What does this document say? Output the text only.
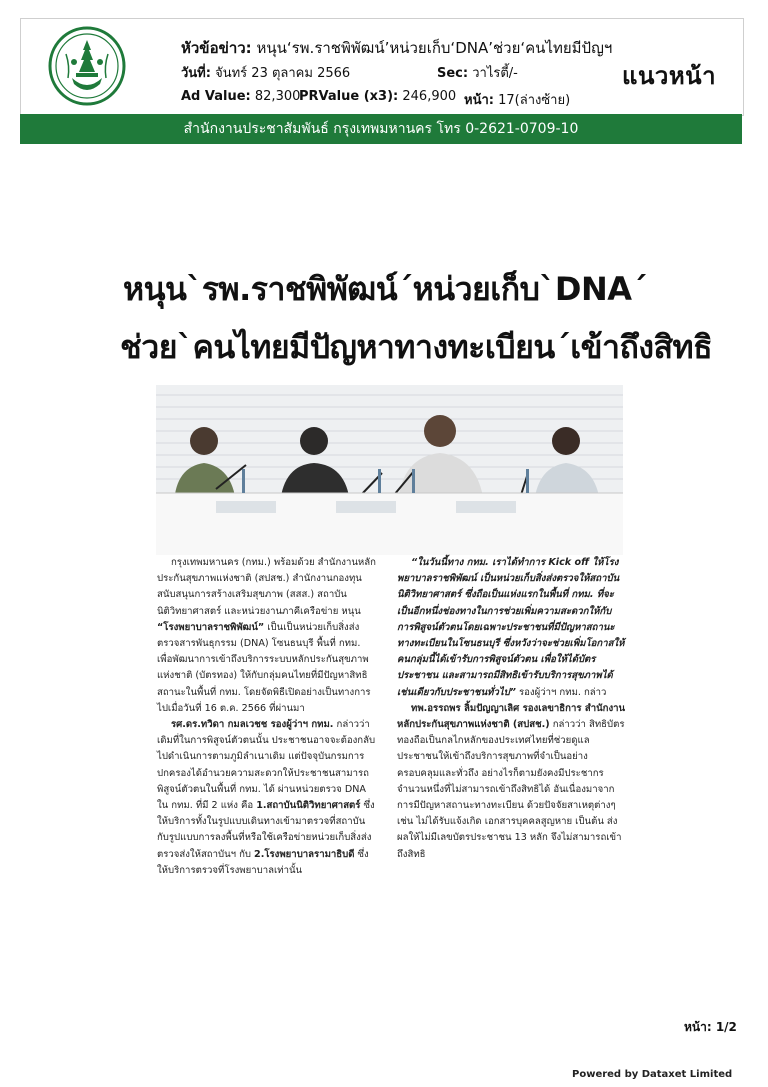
หัวข้อข่าว: หนุน‘รพ.ราชพิพัฒน์’หน่วยเก็บ‘DNA’ช่วย‘คนไทยมีปัญฯ
วันที่: จันทร์ 23 ตุลาคม 2566	Sec: วาไรตี้/-
Ad Value: 82,300
PRValue (x3): 246,900 หน้า: 17(ล่างซ้าย)
แนวหน้า
สำนักงานประชาสัมพันธ์ กรุงเทพมหานคร โทร 0-2621-0709-10
หนุน`รพ.ราชพิพัฒน์´หน่วยเก็บ`DNA´
ช่วย`คนไทยมีปัญหาทางทะเบียน´เข้าถึงสิทธิ

กรุงเทพมหานคร (กทม.) พร้อมด้วย สำนักงานหลักประกันสุขภาพแห่งชาติ (สปสช.) สำนักงานกองทุนสนับสนุนการสร้างเสริมสุขภาพ (สสส.) สถาบันนิติวิทยาศาสตร์ และหน่วยงานภาคีเครือข่าย หนุน “โรงพยาบาลราชพิพัฒน์” เป็นเป็นหน่วยเก็บสิ่งส่งตรวจสารพันธุกรรม (DNA) โซนธนบุรี พื้นที่ กทม. เพื่อพัฒนาการเข้าถึงบริการระบบหลักประกันสุขภาพแห่งชาติ (บัตรทอง) ให้กับกลุ่มคนไทยที่มีปัญหาสิทธิสถานะในพื้นที่ กทม. โดยจัดพิธีเปิดอย่างเป็นทางการ ไปเมื่อวันที่ 16 ต.ค. 2566 ที่ผ่านมา

รศ.ดร.ทวิดา กมลเวชช รองผู้ว่าฯ กทม. กล่าวว่า เดิมที่ในการพิสูจน์ตัวตนนั้น ประชาชนอาจจะต้องกลับไปดำเนินการตามภูมิลำเนาเดิม แต่ปัจจุบันกรมการปกครองได้อำนวยความสะดวกให้ประชาชนสามารถพิสูจน์ตัวตนในพื้นที่ กทม. ได้ ผ่านหน่วยตรวจ DNA ใน กทม. ที่มี 2 แห่ง คือ 1.สถาบันนิติวิทยาศาสตร์ ซึ่งให้บริการทั้งในรูปแบบเดินทางเข้ามาตรวจที่สถาบัน กับรูปแบบการลงพื้นที่หรือใช้เครือข่ายหน่วยเก็บสิ่งส่งตรวจส่งให้สถาบันฯ กับ 2.โรงพยาบาลรามาธิบดี ซึ่งให้บริการตรวจที่โรงพยาบาลเท่านั้น

“ในวันนี้ทาง กทม. เราได้ทำการ Kick off ให้โรงพยาบาลราชพิพัฒน์ เป็นหน่วยเก็บสิ่งส่งตรวจให้สถาบันนิติวิทยาศาสตร์ ซึ่งถือเป็นแห่งแรกในพื้นที่ กทม. ที่จะเป็นอีกหนึ่งช่องทางในการช่วยเพิ่มความสะดวกให้กับการพิสูจน์ตัวตนโดยเฉพาะประชาชนที่มีปัญหาสถานะทางทะเบียนในโซนธนบุรี ซึ่งหวังว่าจะช่วยเพิ่มโอกาสให้คนกลุ่มนี้ได้เข้ารับการพิสูจน์ตัวตน เพื่อให้ได้บัตรประชาชน และสามารถมีสิทธิเข้ารับบริการสุขภาพได้เช่นเดียวกับประชาชนทั่วไป” รองผู้ว่าฯ กทม. กล่าว

ทพ.อรรถพร ลิ้มปัญญาเลิศ รองเลขาธิการ สำนักงานหลักประกันสุขภาพแห่งชาติ (สปสช.) กล่าวว่า สิทธิบัตรทองถือเป็นกลไกหลักของประเทศไทยที่ช่วยดูแลประชาชนให้เข้าถึงบริการสุขภาพที่จำเป็นอย่างครอบคลุมและทั่วถึง อย่างไรก็ตามยังคงมีประชากรจำนวนหนึ่งที่ไม่สามารถเข้าถึงสิทธิได้ อันเนื่องมาจากการมีปัญหาสถานะทางทะเบียน ด้วยปัจจัยสาเหตุต่างๆ เช่น ไม่ได้รับแจ้งเกิด เอกสารบุคคลสูญหาย เป็นต้น ส่งผลให้ไม่มีเลขบัตรประชาชน 13 หลัก จึงไม่สามารถเข้าถึงสิทธิ

หน้า: 1/2
Powered by Dataxet Limited
